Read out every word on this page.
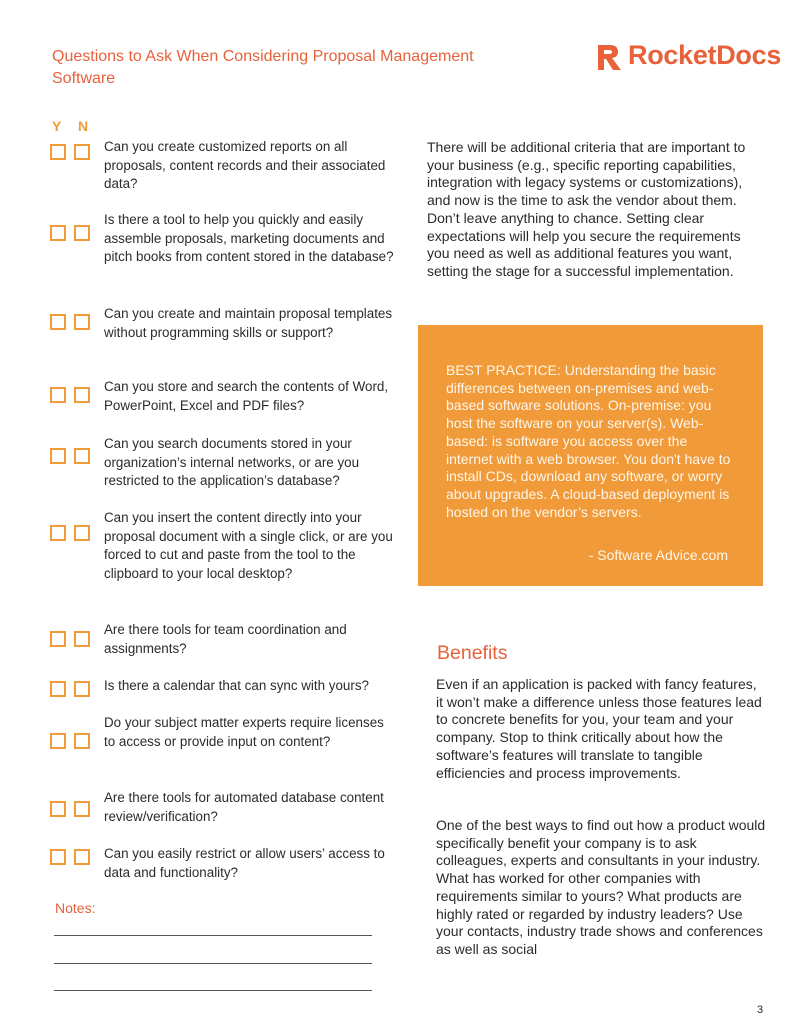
Questions to Ask When Considering Proposal Management Software
RocketDocs
Y N
Can you create customized reports on all proposals, content records and their associated data?
Is there a tool to help you quickly and easily assemble proposals, marketing documents and pitch books from content stored in the database?
Can you create and maintain proposal templates without programming skills or support?
Can you store and search the contents of Word, PowerPoint, Excel and PDF files?
Can you search documents stored in your organization’s internal networks, or are you restricted to the application’s database?
Can you insert the content directly into your proposal document with a single click, or are you forced to cut and paste from the tool to the clipboard to your local desktop?
Are there tools for team coordination and assignments?
Is there a calendar that can sync with yours?
Do your subject matter experts require licenses to access or provide input on content?
Are there tools for automated database content review/verification?
Can you easily restrict or allow users’ access to data and functionality?
Notes:
There will be additional criteria that are important to your business (e.g., specific reporting capabilities, integration with legacy systems or customizations), and now is the time to ask the vendor about them. Don’t leave anything to chance. Setting clear expectations will help you secure the requirements you need as well as additional features you want, setting the stage for a successful implementation.
BEST PRACTICE: Understanding the basic differences between on-premises and web-based software solutions. On-premise: you host the software on your server(s). Web-based: is software you access over the internet with a web browser. You don't have to install CDs, download any software, or worry about upgrades. A cloud-based deployment is hosted on the vendor’s servers.
- Software Advice.com
Benefits
Even if an application is packed with fancy features, it won’t make a difference unless those features lead to concrete benefits for you, your team and your company. Stop to think critically about how the software’s features will translate to tangible efficiencies and process improvements.
One of the best ways to find out how a product would specifically benefit your company is to ask colleagues, experts and consultants in your industry. What has worked for other companies with requirements similar to yours? What products are highly rated or regarded by industry leaders? Use your contacts, industry trade shows and conferences as well as social
3
